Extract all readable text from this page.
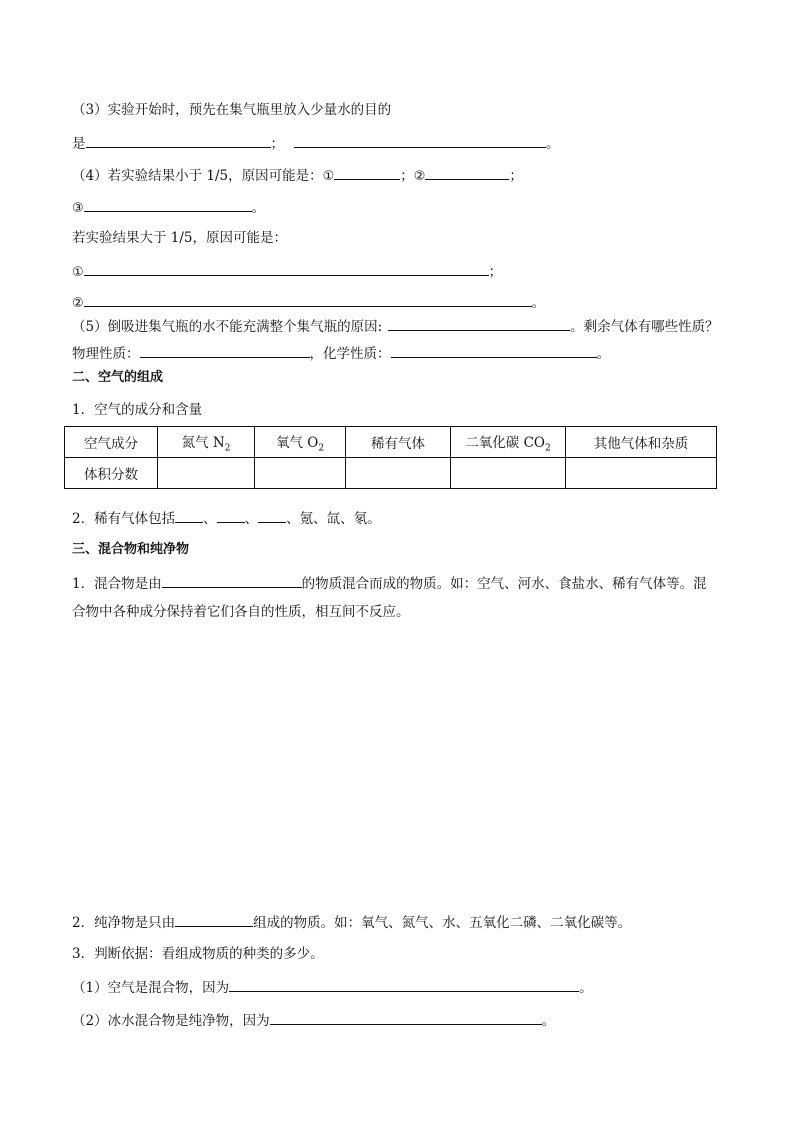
（3）实验开始时，预先在集气瓶里放入少量水的目的
是	；	。
（4）若实验结果小于 1/5，原因可能是：①	；②	；
③	。
若实验结果大于 1/5，原因可能是：
①	；
②	。
（5）倒吸进集气瓶的水不能充满整个集气瓶的原因:	。剩余气体有哪些性质？
物理性质：	，化学性质：	。
二、空气的组成
1．空气的成分和含量
空气成分	氮气 $N_2$	氧气 $O_2$	稀有气体	二氧化碳 $CO_2$	其他气体和杂质
体积分数					
2．稀有气体包括 、 、 、氪、氙、氡。
三、混合物和纯净物
1．混合物是由	的物质混合而成的物质。如：空气、河水、食盐水、稀有气体等。混
合物中各种成分保持着它们各自的性质，相互间不反应。
2．纯净物是只由	组成的物质。如：氧气、氮气、水、五氧化二磷、二氧化碳等。
3．判断依据：看组成物质的种类的多少。
（1）空气是混合物，因为	。
（2）冰水混合物是纯净物，因为	。
